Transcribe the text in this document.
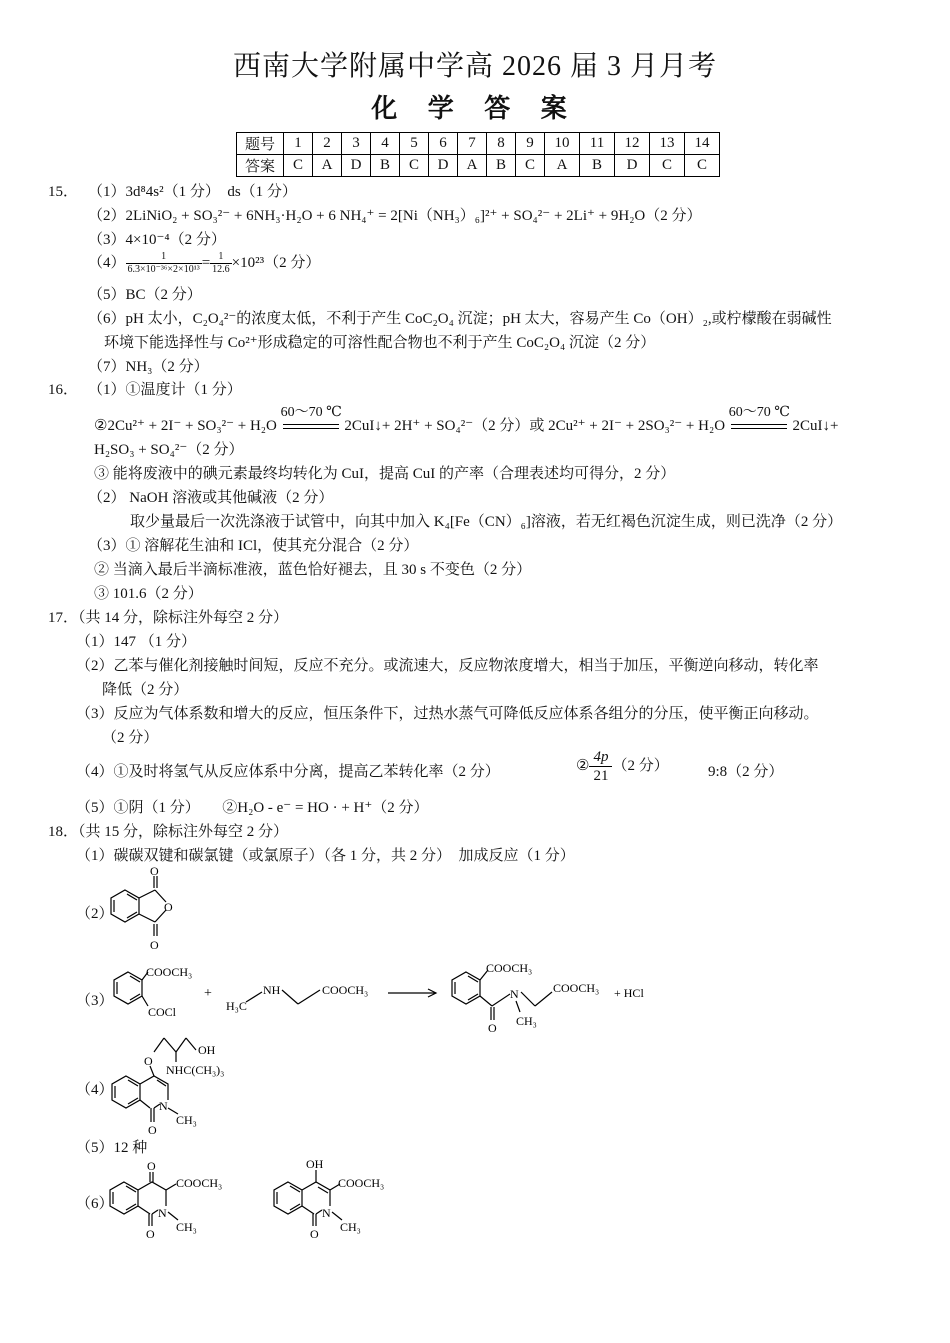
西南大学附属中学高 2026 届 3 月月考
化 学 答 案
题号	1	2	3	4	5	6	7	8	9	10	11	12	13	14
答案	C	A	D	B	C	D	A	B	C	A	B	D	C	C
15． （1）3d⁸4s²（1 分）　ds（1 分）
（2）2LiNiO₂ + SO₃²⁻ + 6NH₃·H₂O + 6 NH₄⁺ = 2[Ni（NH₃）₆]²⁺ + SO₄²⁻ + 2Li⁺ + 9H₂O（2 分）
（3）4×10⁻⁴（2 分）
$(4) \frac{1}{\text{6.3×10⁻³⁶×2×10¹³}} = \frac{1}{12.6} \times 10^{23}(2$ 分）
（5）BC（2 分）
（6）pH 太小，C₂O₄²⁻的浓度太低，不利于产生 CoC₂O₄ 沉淀；pH 太大，容易产生 Co（OH）₂,或柠檬酸在弱碱性
环境下能选择性与 Co²⁺形成稳定的可溶性配合物也不利于产生 CoC₂O₄ 沉淀（2 分）
（7）NH₃（2 分）
16． （1）①温度计（1 分）
②2Cu²⁺ + 2I⁻ + SO₃²⁻ + H₂O
60～70 ℃
2CuI↓+ 2H⁺ + SO₄²⁻（2 分）或 2Cu²⁺ + 2I⁻ + 2SO₃²⁻ + H₂O
60～70 ℃
2CuI↓+
H₂SO₃ + SO₄²⁻（2 分）
③ 能将废液中的碘元素最终均转化为 CuI，提高 CuI 的产率（合理表述均可得分，2 分）
（2） NaOH 溶液或其他碱液（2 分）
取少量最后一次洗涤液于试管中，向其中加入 K₄[Fe（CN）₆]溶液，若无红褐色沉淀生成，则已洗净（2 分）
（3）① 溶解花生油和 ICl，使其充分混合（2 分）
② 当滴入最后半滴标准液，蓝色恰好褪去，且 30 s 不变色（2 分）
③ 101.6（2 分）
17．（共 14 分，除标注外每空 2 分）
（1）147 （1 分）
（2）乙苯与催化剂接触时间短，反应不充分。或流速大，反应物浓度增大，相当于加压，平衡逆向移动，转化率
降低（2 分）
（3）反应为气体系数和增大的反应，恒压条件下，过热水蒸气可降低反应体系各组分的分压，使平衡正向移动。
（2 分）
（4）①及时将氢气从反应体系中分离，提高乙苯转化率（2 分）	② $\frac{4p}{21} (2$ 分）	9:8（2 分）
（5）①阴（1 分）　　②H₂O - e⁻ = HO · + H⁺（2 分）
18．（共 15 分，除标注外每空 2 分）
（1）碳碳双键和碳氯键（或氯原子）（各 1 分，共 2 分）　加成反应（1 分）
（2）
（3）
（4）
（5）12 种
（6）
O
O
O
COOCH₃
COCl
+
H₃C
NH	COOCH₃
COOCH₃
O
N	COOCH₃
CH₃
+ HCl
O
N
CH₃
O
OH
NHC(CH₃)₃
O
COOCH₃
O
N
CH₃
OH
COOCH₃
O
N
CH₃
